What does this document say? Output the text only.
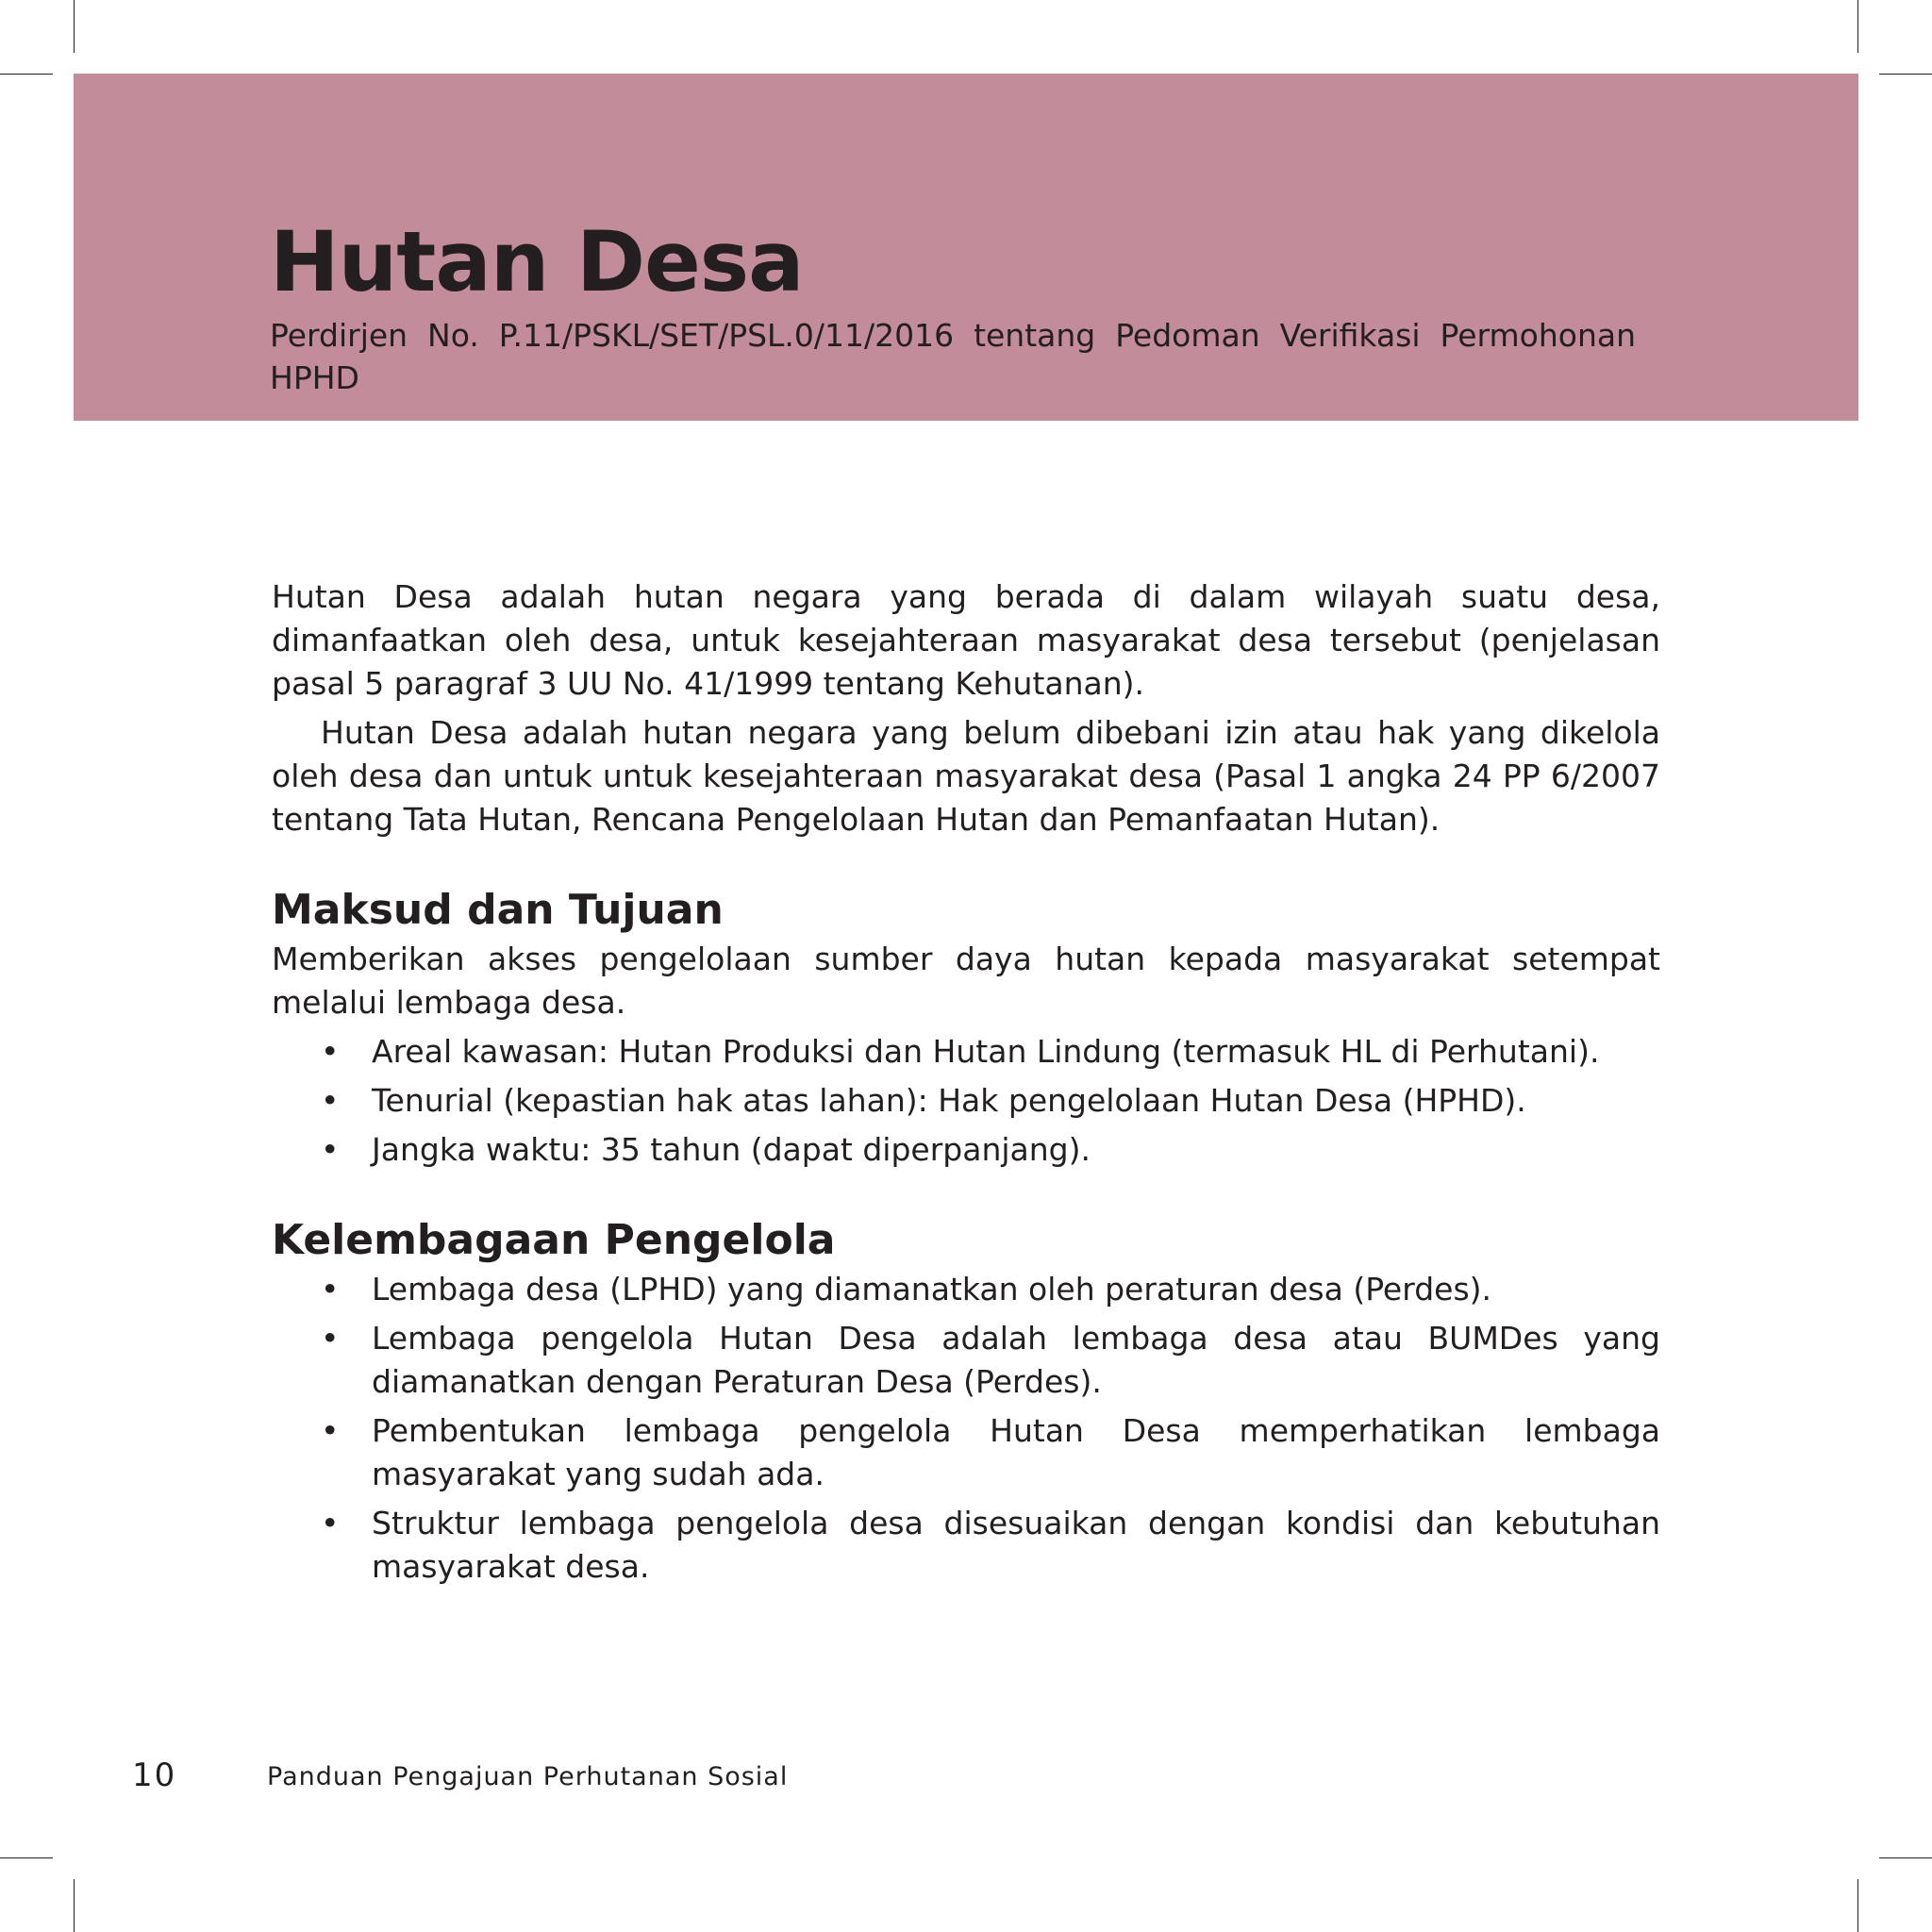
Hutan Desa

Perdirjen No. P.11/PSKL/SET/PSL.0/11/2016 tentang Pedoman Verifikasi Permohonan HPHD

Hutan Desa adalah hutan negara yang berada di dalam wilayah suatu desa, dimanfaatkan oleh desa, untuk kesejahteraan masyarakat desa tersebut (penjelasan pasal 5 paragraf 3 UU No. 41/1999 tentang Kehutanan).

Hutan Desa adalah hutan negara yang belum dibebani izin atau hak yang dikelola oleh desa dan untuk untuk kesejahteraan masyarakat desa (Pasal 1 angka 24 PP 6/2007 tentang Tata Hutan, Rencana Pengelolaan Hutan dan Pemanfaatan Hutan).

Maksud dan Tujuan

Memberikan akses pengelolaan sumber daya hutan kepada masyarakat setempat melalui lembaga desa.

• Areal kawasan: Hutan Produksi dan Hutan Lindung (termasuk HL di Perhutani).
• Tenurial (kepastian hak atas lahan): Hak pengelolaan Hutan Desa (HPHD).
• Jangka waktu: 35 tahun (dapat diperpanjang).
Kelembagaan Pengelola
• Lembaga desa (LPHD) yang diamanatkan oleh peraturan desa (Perdes).
• Lembaga pengelola Hutan Desa adalah lembaga desa atau BUMDes yang diamanatkan dengan Peraturan Desa (Perdes).
• Pembentukan lembaga pengelola Hutan Desa memperhatikan lembaga masyarakat yang sudah ada.
• Struktur lembaga pengelola desa disesuaikan dengan kondisi dan kebutuhan masyarakat desa.
10	Panduan Pengajuan Perhutanan Sosial
